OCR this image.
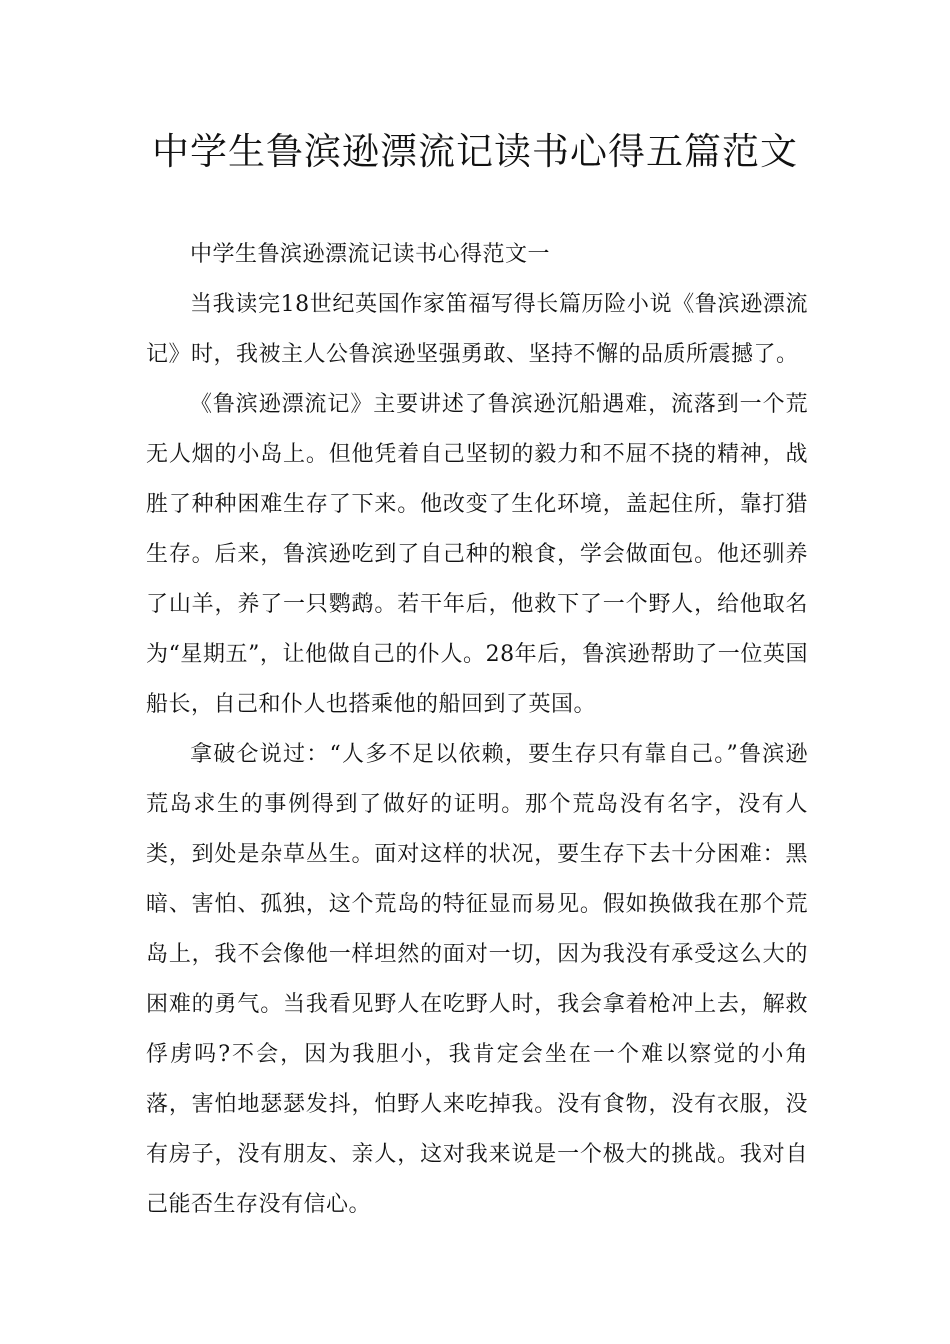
中学生鲁滨逊漂流记读书心得五篇范文

中学生鲁滨逊漂流记读书心得范文一

当我读完18世纪英国作家笛福写得长篇历险小说《鲁滨逊漂流记》时，我被主人公鲁滨逊坚强勇敢、坚持不懈的品质所震撼了。

《鲁滨逊漂流记》主要讲述了鲁滨逊沉船遇难，流落到一个荒无人烟的小岛上。但他凭着自己坚韧的毅力和不屈不挠的精神，战胜了种种困难生存了下来。他改变了生化环境，盖起住所，靠打猎生存。后来，鲁滨逊吃到了自己种的粮食，学会做面包。他还驯养了山羊，养了一只鹦鹉。若干年后，他救下了一个野人，给他取名为“星期五”，让他做自己的仆人。28年后，鲁滨逊帮助了一位英国船长，自己和仆人也搭乘他的船回到了英国。

拿破仑说过：“人多不足以依赖，要生存只有靠自己。”鲁滨逊荒岛求生的事例得到了做好的证明。那个荒岛没有名字，没有人类，到处是杂草丛生。面对这样的状况，要生存下去十分困难：黑暗、害怕、孤独，这个荒岛的特征显而易见。假如换做我在那个荒岛上，我不会像他一样坦然的面对一切，因为我没有承受这么大的困难的勇气。当我看见野人在吃野人时，我会拿着枪冲上去，解救俘虏吗?不会，因为我胆小，我肯定会坐在一个难以察觉的小角落，害怕地瑟瑟发抖，怕野人来吃掉我。没有食物，没有衣服，没有房子，没有朋友、亲人，这对我来说是一个极大的挑战。我对自己能否生存没有信心。
